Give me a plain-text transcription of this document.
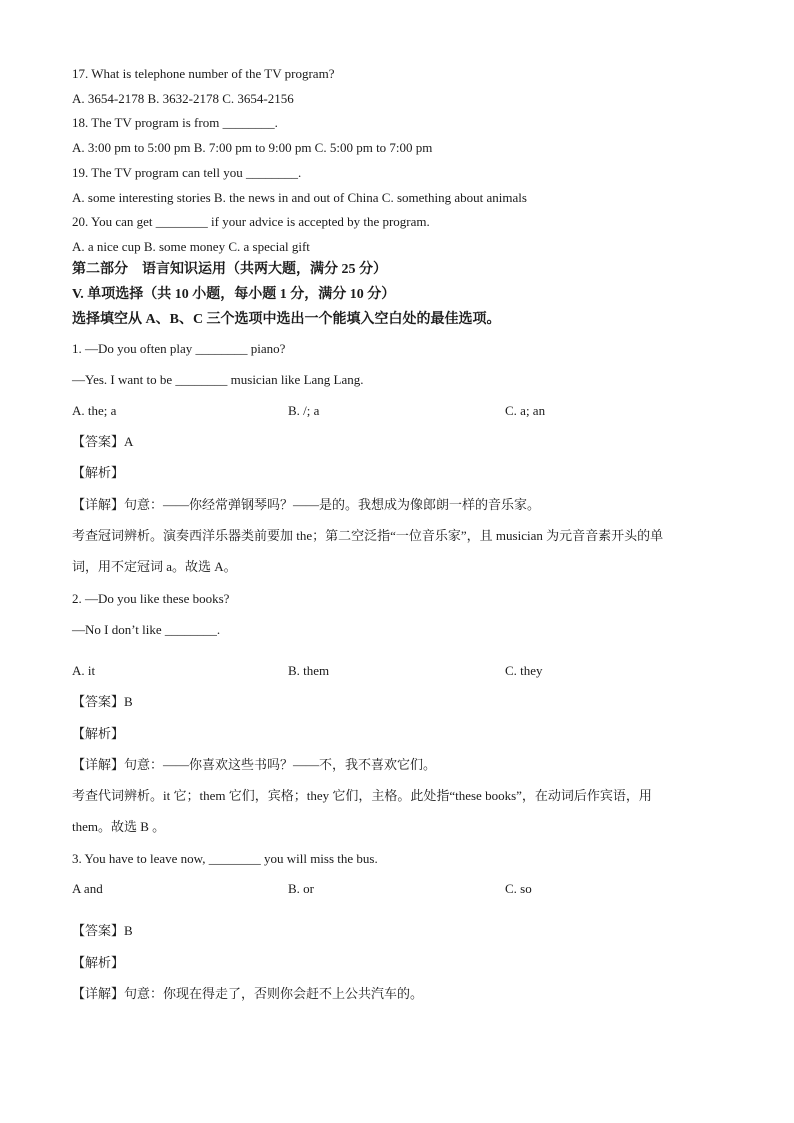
17. What is telephone number of the TV program?
A. 3654-2178 B. 3632-2178 C. 3654-2156
18. The TV program is from ________.
A. 3:00 pm to 5:00 pm B. 7:00 pm to 9:00 pm C. 5:00 pm to 7:00 pm
19. The TV program can tell you ________.
A. some interesting stories B. the news in and out of China C. something about animals
20. You can get ________ if your advice is accepted by the program.
A. a nice cup B. some money C. a special gift
第二部分　语言知识运用（共两大题，满分 25 分）
V. 单项选择（共 10 小题，每小题 1 分，满分 10 分）
选择填空从 A、B、C 三个选项中选出一个能填入空白处的最佳选项。
1. —Do you often play ________ piano?
—Yes. I want to be ________ musician like Lang Lang.
A. the; a	B. /; a	C. a; an
【答案】A
【解析】
【详解】句意：——你经常弹钢琴吗？——是的。我想成为像郎朗一样的音乐家。
考查冠词辨析。演奏西洋乐器类前要加 the；第二空泛指“一位音乐家”，且 musician 为元音音素开头的单
词，用不定冠词 a。故选 A。
2. —Do you like these books?
—No I don’t like ________.
A. it	B. them	C. they
【答案】B
【解析】
【详解】句意：——你喜欢这些书吗？——不，我不喜欢它们。
考查代词辨析。it 它；them 它们，宾格；they 它们，主格。此处指“these books”，在动词后作宾语，用
them。故选 B 。
3. You have to leave now, ________ you will miss the bus.
A and	B. or	C. so
【答案】B
【解析】
【详解】句意：你现在得走了，否则你会赶不上公共汽车的。
